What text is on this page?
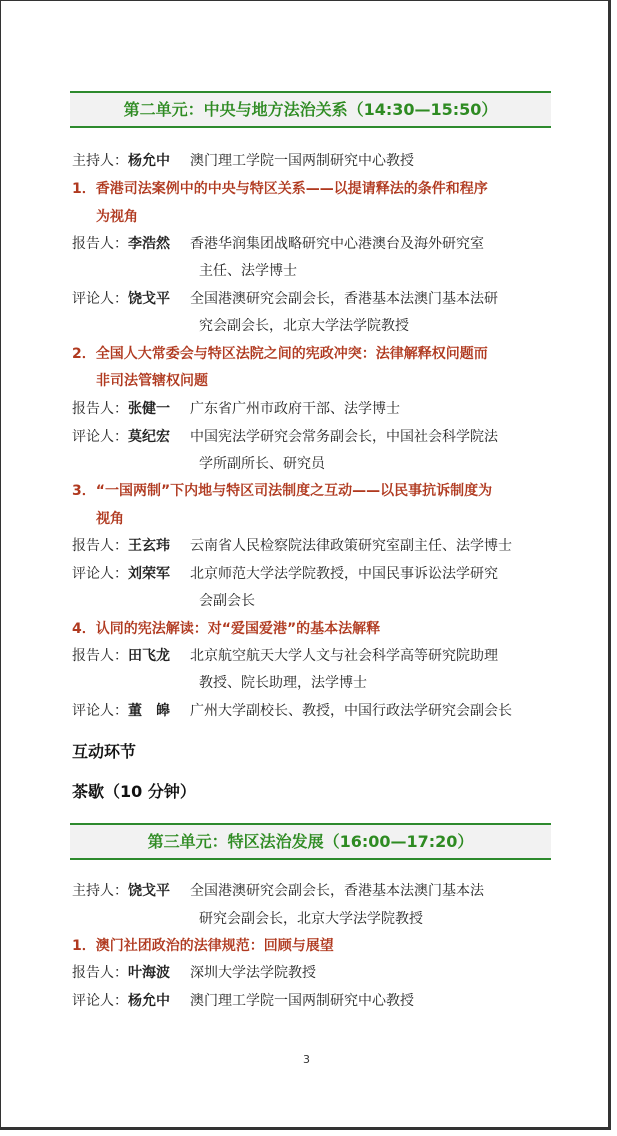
第二单元：中央与地方法治关系（14:30—15:50）
主持人：杨允中 澳门理工学院一国两制研究中心教授
1．香港司法案例中的中央与特区关系——以提请释法的条件和程序
为视角
报告人：李浩然 香港华润集团战略研究中心港澳台及海外研究室
主任、法学博士
评论人：饶戈平 全国港澳研究会副会长，香港基本法澳门基本法研
究会副会长，北京大学法学院教授
2．全国人大常委会与特区法院之间的宪政冲突：法律解释权问题而
非司法管辖权问题
报告人：张健一 广东省广州市政府干部、法学博士
评论人：莫纪宏 中国宪法学研究会常务副会长，中国社会科学院法
学所副所长、研究员
3．“一国两制”下内地与特区司法制度之互动——以民事抗诉制度为
视角
报告人：王玄玮 云南省人民检察院法律政策研究室副主任、法学博士
评论人：刘荣军 北京师范大学法学院教授，中国民事诉讼法学研究
会副会长
4．认同的宪法解读：对“爱国爱港”的基本法解释
报告人：田飞龙 北京航空航天大学人文与社会科学高等研究院助理
教授、院长助理，法学博士
评论人：董　皞 广州大学副校长、教授，中国行政法学研究会副会长
互动环节
茶歇（10 分钟）
第三单元：特区法治发展（16:00—17:20）
主持人：饶戈平 全国港澳研究会副会长，香港基本法澳门基本法
研究会副会长，北京大学法学院教授
1．澳门社团政治的法律规范：回顾与展望
报告人：叶海波 深圳大学法学院教授
评论人：杨允中 澳门理工学院一国两制研究中心教授
3
